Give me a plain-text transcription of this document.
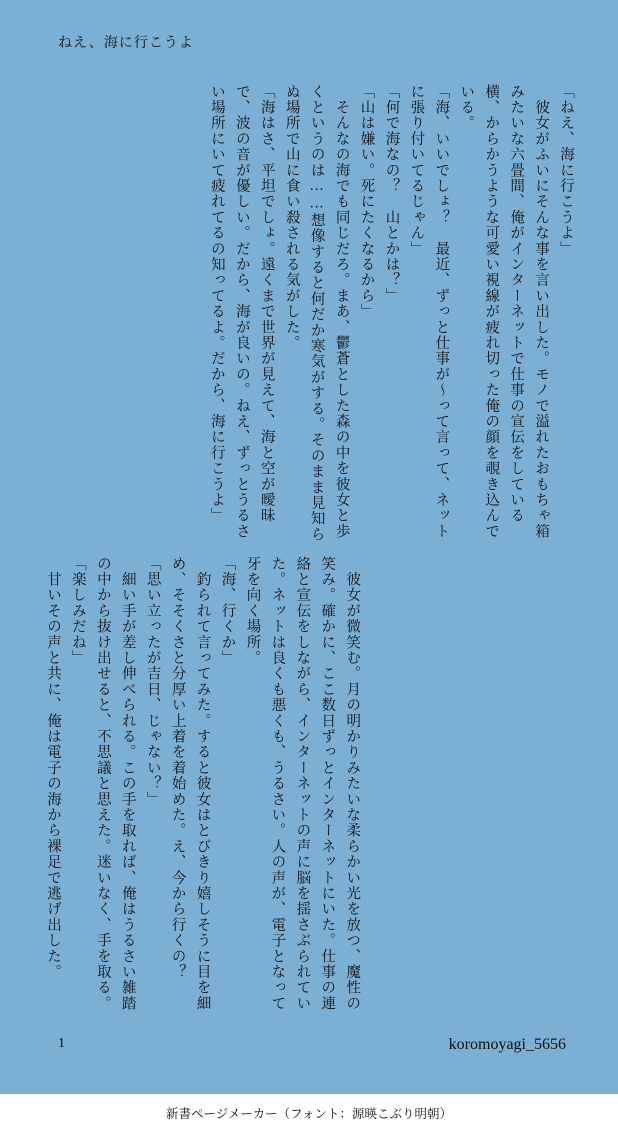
ねえ、海に行こうよ

「ねえ、海に行こうよ」

　彼女がふいにそんな事を言い出した。モノで溢れたおもちゃ箱みたいな六畳間、俺がインターネットで仕事の宣伝をしている横、からかうような可愛い視線が疲れ切った俺の顔を覗き込んでいる。

「海、いいでしょ？　最近、ずっと仕事が〜って言って、ネットに張り付いてるじゃん」

「何で海なの？　山とかは？」

「山は嫌い。死にたくなるから」

　そんなの海でも同じだろ。まあ、鬱蒼とした森の中を彼女と歩くというのは……想像すると何だか寒気がする。そのまま見知らぬ場所で山に食い殺される気がした。

「海はさ、平坦でしょ。遠くまで世界が見えて、海と空が曖昧で、波の音が優しい。だから、海が良いの。ねえ、ずっとうるさい場所にいて疲れてるの知ってるよ。だから、海に行こうよ」

　彼女が微笑む。月の明かりみたいな柔らかい光を放つ、魔性の笑み。確かに、ここ数日ずっとインターネットにいた。仕事の連絡と宣伝をしながら、インターネットの声に脳を揺さぶられていた。ネットは良くも悪くも、うるさい。人の声が、電子となって牙を向く場所。

「海、行くか」

　釣られて言ってみた。すると彼女はとびきり嬉しそうに目を細め、そそくさと分厚い上着を着始めた。え、今から行くの？

「思い立ったが吉日、じゃない？」

　細い手が差し伸べられる。この手を取れば、俺はうるさい雑踏の中から抜け出せると、不思議と思えた。迷いなく、手を取る。

「楽しみだね」

　甘いその声と共に、俺は電子の海から裸足で逃げ出した。

1	koromoyagi_5656
新書ページメーカー（フォント：源暎こぶり明朝）
